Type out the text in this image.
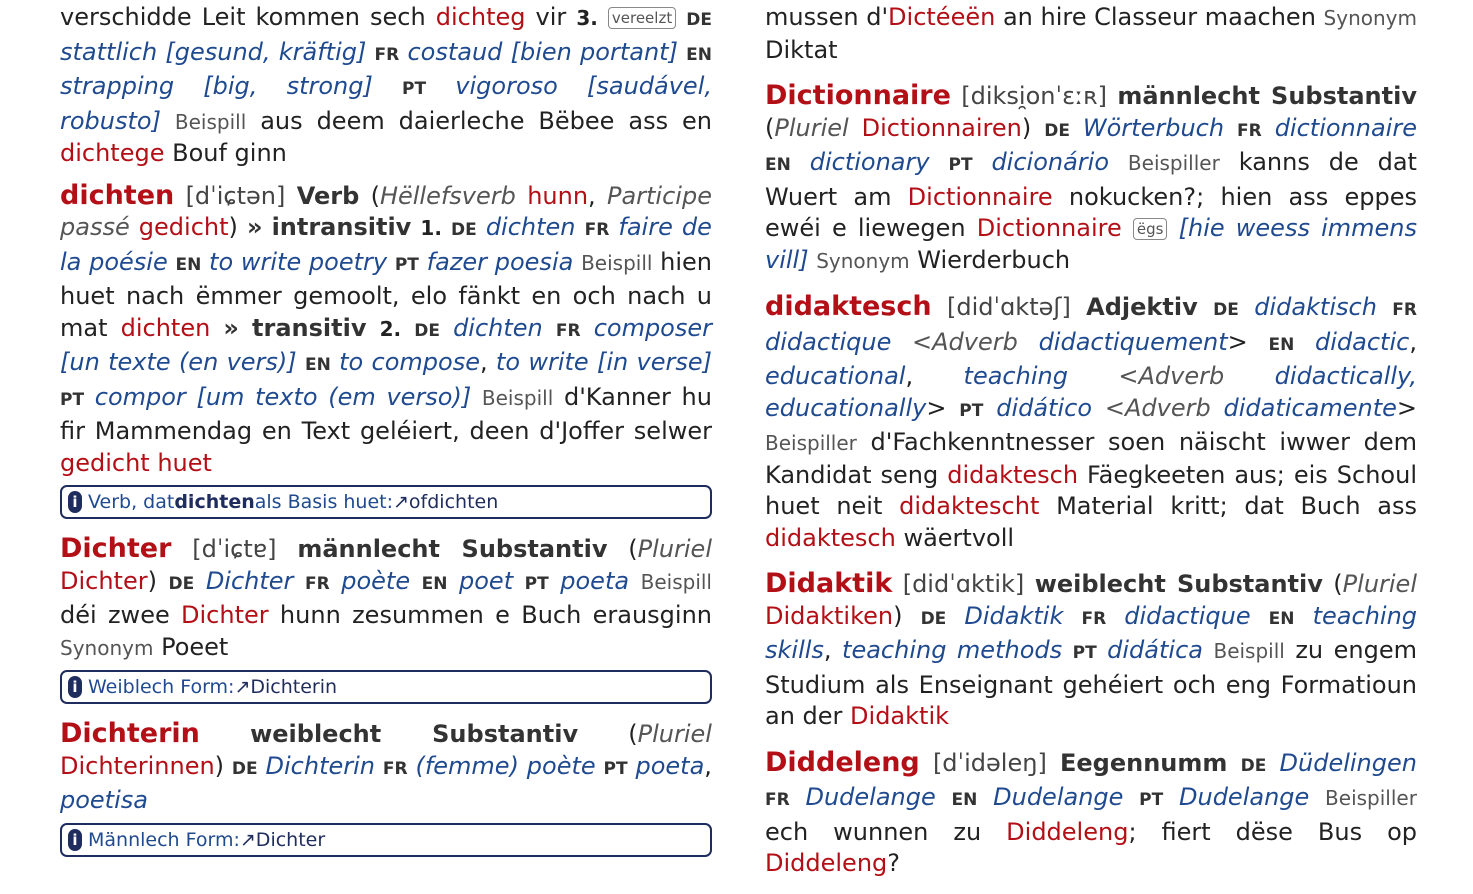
verschidde Leit kommen sech dichteg vir 3. vereelzt DE stattlich [gesund, kräftig] FR costaud [bien portant] EN strapping [big, strong] PT vigoroso [saudável, robusto] Beispill aus deem daierleche Bëbee ass en dichtege Bouf ginn
dichten [dˈiɕtən] Verb (Hëllefsverb hunn, Participe passé gedicht) » intransitiv 1. DE dichten FR faire de la poésie EN to write poetry PT fazer poesia Beispill hien huet nach ëmmer gemoolt, elo fänkt en och nach u mat dichten » transitiv 2. DE dichten FR composer [un texte (en vers)] EN to compose, to write [in verse] PT compor [um texto (em verso)] Beispill d'Kanner hu fir Mammendag en Text geléiert, deen d'Joffer selwer gedicht huet
i Verb, dat dichten als Basis huet: ↗ofdichten
Dichter [dˈiɕtɐ] männlecht Substantiv (Pluriel Dichter) DE Dichter FR poète EN poet PT poeta Beispill déi zwee Dichter hunn zesummen e Buch erausginn Synonym Poeet
i Weiblech Form: ↗Dichterin
Dichterin weiblecht Substantiv (Pluriel Dichterinnen) DE Dichterin FR (femme) poète PT poeta, poetisa
i Männlech Form: ↗Dichter
mussen d'Dictéeën an hire Classeur maachen Synonym Diktat
Dictionnaire [diksi̯onˈɛːʀ] männlecht Substantiv (Pluriel Dictionnairen) DE Wörterbuch FR dictionnaire EN dictionary PT dicionário Beispiller kanns de dat Wuert am Dictionnaire nokucken?; hien ass eppes ewéi e liewegen Dictionnaire ëgs [hie weess immens vill] Synonym Wierderbuch
didaktesch [didˈɑktəʃ] Adjektiv DE didaktisch FR didactique <Adverb didactiquement> EN didactic, educational, teaching <Adverb didactically, educationally> PT didático <Adverb didaticamente> Beispiller d'Fachkenntnesser soen näischt iwwer dem Kandidat seng didaktesch Fäegkeeten aus; eis Schoul huet neit didaktescht Material kritt; dat Buch ass didaktesch wäertvoll
Didaktik [didˈɑktik] weiblecht Substantiv (Pluriel Didaktiken) DE Didaktik FR didactique EN teaching skills, teaching methods PT didática Beispill zu engem Studium als Enseignant gehéiert och eng Formatioun an der Didaktik
Diddeleng [dˈidəleŋ] Eegennumm DE Düdelingen FR Dudelange EN Dudelange PT Dudelange Beispiller ech wunnen zu Diddeleng; fiert dëse Bus op Diddeleng?
